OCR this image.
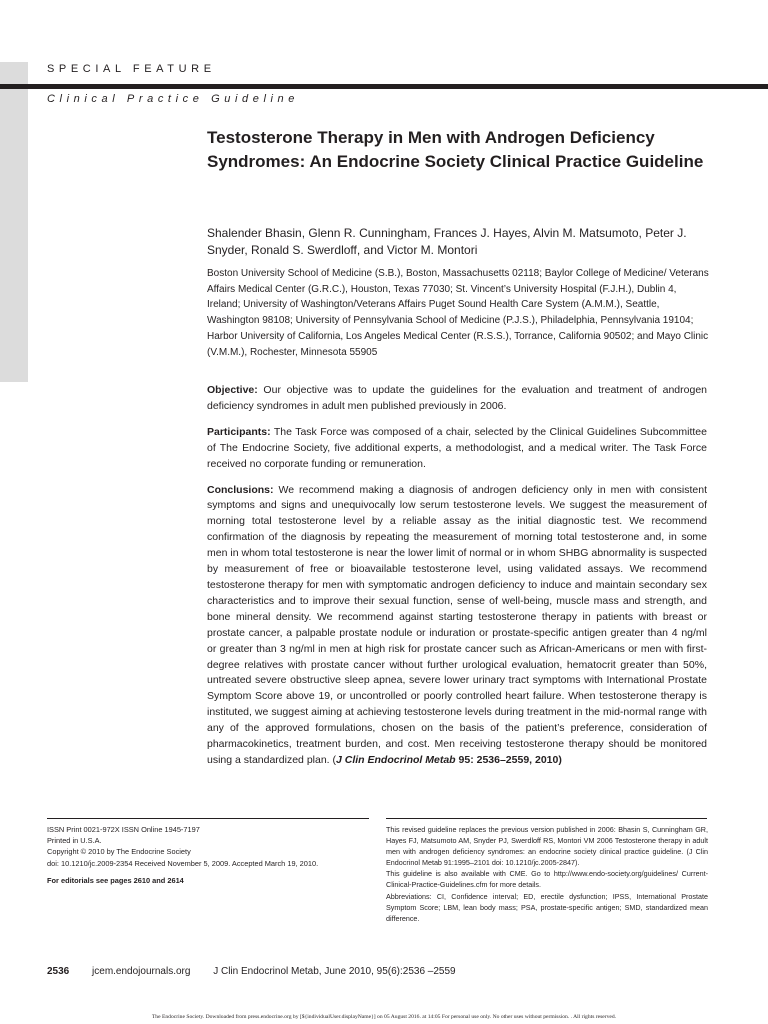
SPECIAL FEATURE
Clinical Practice Guideline
Testosterone Therapy in Men with Androgen Deficiency Syndromes: An Endocrine Society Clinical Practice Guideline
Shalender Bhasin, Glenn R. Cunningham, Frances J. Hayes, Alvin M. Matsumoto, Peter J. Snyder, Ronald S. Swerdloff, and Victor M. Montori
Boston University School of Medicine (S.B.), Boston, Massachusetts 02118; Baylor College of Medicine/ Veterans Affairs Medical Center (G.R.C.), Houston, Texas 77030; St. Vincent’s University Hospital (F.J.H.), Dublin 4, Ireland; University of Washington/Veterans Affairs Puget Sound Health Care System (A.M.M.), Seattle, Washington 98108; University of Pennsylvania School of Medicine (P.J.S.), Philadelphia, Pennsylvania 19104; Harbor University of California, Los Angeles Medical Center (R.S.S.), Torrance, California 90502; and Mayo Clinic (V.M.M.), Rochester, Minnesota 55905

Objective: Our objective was to update the guidelines for the evaluation and treatment of androgen deficiency syndromes in adult men published previously in 2006.

Participants: The Task Force was composed of a chair, selected by the Clinical Guidelines Subcommittee of The Endocrine Society, five additional experts, a methodologist, and a medical writer. The Task Force received no corporate funding or remuneration.

Conclusions: We recommend making a diagnosis of androgen deficiency only in men with consistent symptoms and signs and unequivocally low serum testosterone levels. We suggest the measurement of morning total testosterone level by a reliable assay as the initial diagnostic test. We recommend confirmation of the diagnosis by repeating the measurement of morning total testosterone and, in some men in whom total testosterone is near the lower limit of normal or in whom SHBG abnormality is suspected by measurement of free or bioavailable testosterone level, using validated assays. We recommend testosterone therapy for men with symptomatic androgen deficiency to induce and maintain secondary sex characteristics and to improve their sexual function, sense of well-being, muscle mass and strength, and bone mineral density. We recommend against starting testosterone therapy in patients with breast or prostate cancer, a palpable prostate nodule or induration or prostate-specific antigen greater than 4 ng/ml or greater than 3 ng/ml in men at high risk for prostate cancer such as African-Americans or men with first-degree relatives with prostate cancer without further urological evaluation, hematocrit greater than 50%, untreated severe obstructive sleep apnea, severe lower urinary tract symptoms with International Prostate Symptom Score above 19, or uncontrolled or poorly controlled heart failure. When testosterone therapy is instituted, we suggest aiming at achieving testosterone levels during treatment in the mid-normal range with any of the approved formulations, chosen on the basis of the patient’s preference, consideration of pharmacokinetics, treatment burden, and cost. Men receiving testosterone therapy should be monitored using a standardized plan. (J Clin Endocrinol Metab 95: 2536–2559, 2010)

ISSN Print 0021-972X ISSN Online 1945-7197
Printed in U.S.A.
Copyright © 2010 by The Endocrine Society
doi: 10.1210/jc.2009-2354 Received November 5, 2009. Accepted March 19, 2010.
For editorials see pages 2610 and 2614
This revised guideline replaces the previous version published in 2006: Bhasin S, Cunningham GR, Hayes FJ, Matsumoto AM, Snyder PJ, Swerdloff RS, Montori VM 2006 Testosterone therapy in adult men with androgen deficiency syndromes: an endocrine society clinical practice guideline. (J Clin Endocrinol Metab 91:1995–2101 doi: 10.1210/jc.2005-2847).
This guideline is also available with CME. Go to http://www.endo-society.org/guidelines/ Current-Clinical-Practice-Guidelines.cfm for more details.
Abbreviations: CI, Confidence interval; ED, erectile dysfunction; IPSS, International Prostate Symptom Score; LBM, lean body mass; PSA, prostate-specific antigen; SMD, standardized mean difference.
2536 jcem.endojournals.org J Clin Endocrinol Metab, June 2010, 95(6):2536 –2559
The Endocrine Society. Downloaded from press.endocrine.org by [${individualUser.displayName}] on 05 August 2016. at 14:05 For personal use only. No other uses without permission. . All rights reserved.
